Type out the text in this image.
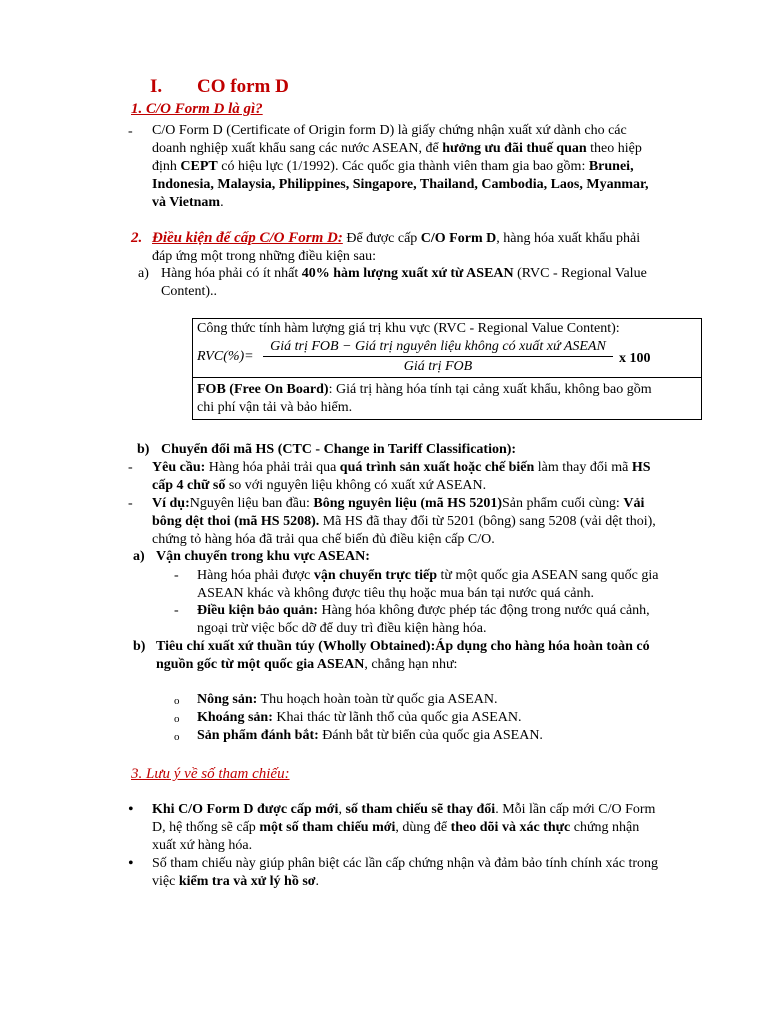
I. CO form D
1. C/O Form D là gì?
- C/O Form D (Certificate of Origin form D) là giấy chứng nhận xuất xứ dành cho các
doanh nghiệp xuất khẩu sang các nước ASEAN, để hưởng ưu đãi thuế quan theo hiệp
định CEPT có hiệu lực (1/1992). Các quốc gia thành viên tham gia bao gồm: Brunei,
Indonesia, Malaysia, Philippines, Singapore, Thailand, Cambodia, Laos, Myanmar,
và Vietnam.
2. Điều kiện để cấp C/O Form D: Để được cấp C/O Form D, hàng hóa xuất khẩu phải
đáp ứng một trong những điều kiện sau:
a) Hàng hóa phải có ít nhất 40% hàm lượng xuất xứ từ ASEAN (RVC - Regional Value
Content)..
Công thức tính hàm lượng giá trị khu vực (RVC - Regional Value Content):
RVC(%)=
Giá trị FOB − Giá trị nguyên liệu không có xuất xứ ASEAN
Giá trị FOB
x 100
FOB (Free On Board): Giá trị hàng hóa tính tại cảng xuất khẩu, không bao gồm
chi phí vận tải và bảo hiểm.
b) Chuyển đổi mã HS (CTC - Change in Tariff Classification):
- Yêu cầu: Hàng hóa phải trải qua quá trình sản xuất hoặc chế biến làm thay đổi mã HS
cấp 4 chữ số so với nguyên liệu không có xuất xứ ASEAN.
- Ví dụ:Nguyên liệu ban đầu: Bông nguyên liệu (mã HS 5201)Sản phẩm cuối cùng: Vải
bông dệt thoi (mã HS 5208). Mã HS đã thay đổi từ 5201 (bông) sang 5208 (vải dệt thoi),
chứng tỏ hàng hóa đã trải qua chế biến đủ điều kiện cấp C/O.
a) Vận chuyển trong khu vực ASEAN:
- Hàng hóa phải được vận chuyển trực tiếp từ một quốc gia ASEAN sang quốc gia
ASEAN khác và không được tiêu thụ hoặc mua bán tại nước quá cảnh.
- Điều kiện bảo quản: Hàng hóa không được phép tác động trong nước quá cảnh,
ngoại trừ việc bốc dỡ để duy trì điều kiện hàng hóa.
b) Tiêu chí xuất xứ thuần túy (Wholly Obtained):Áp dụng cho hàng hóa hoàn toàn có
nguồn gốc từ một quốc gia ASEAN, chẳng hạn như:
o Nông sản: Thu hoạch hoàn toàn từ quốc gia ASEAN.
o Khoáng sản: Khai thác từ lãnh thổ của quốc gia ASEAN.
o Sản phẩm đánh bắt: Đánh bắt từ biển của quốc gia ASEAN.
3. Lưu ý về số tham chiếu:
• Khi C/O Form D được cấp mới, số tham chiếu sẽ thay đổi. Mỗi lần cấp mới C/O Form
D, hệ thống sẽ cấp một số tham chiếu mới, dùng để theo dõi và xác thực chứng nhận
xuất xứ hàng hóa.
• Số tham chiếu này giúp phân biệt các lần cấp chứng nhận và đảm bảo tính chính xác trong
việc kiểm tra và xử lý hồ sơ.
